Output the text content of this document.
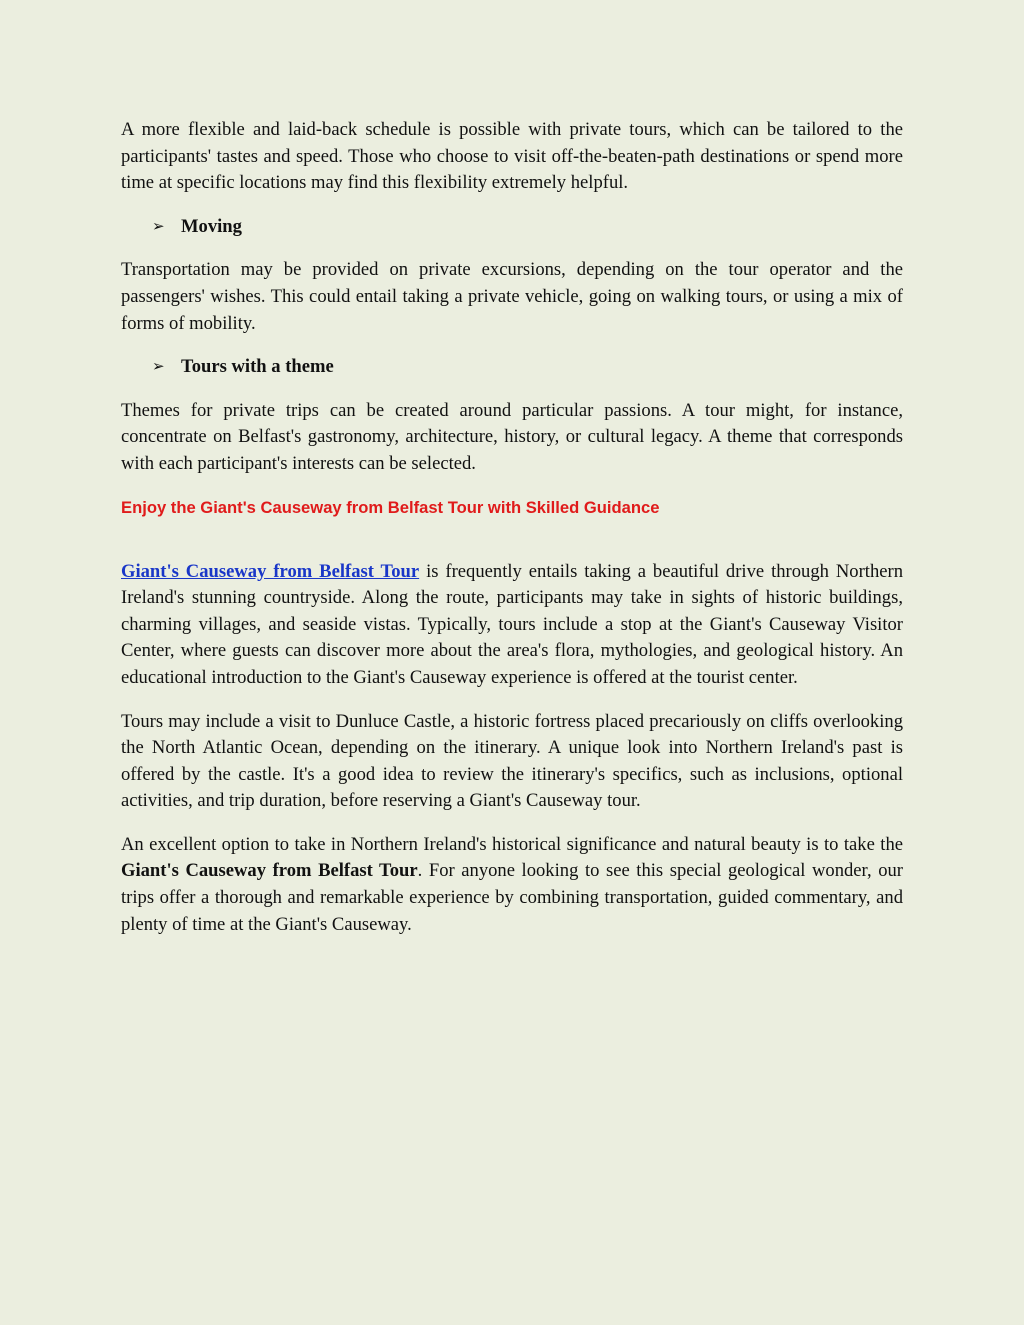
A more flexible and laid-back schedule is possible with private tours, which can be tailored to the participants' tastes and speed. Those who choose to visit off-the-beaten-path destinations or spend more time at specific locations may find this flexibility extremely helpful.

➢ Moving

Transportation may be provided on private excursions, depending on the tour operator and the passengers' wishes. This could entail taking a private vehicle, going on walking tours, or using a mix of forms of mobility.

➢ Tours with a theme

Themes for private trips can be created around particular passions. A tour might, for instance, concentrate on Belfast's gastronomy, architecture, history, or cultural legacy. A theme that corresponds with each participant's interests can be selected.

Enjoy the Giant's Causeway from Belfast Tour with Skilled Guidance

Giant's Causeway from Belfast Tour is frequently entails taking a beautiful drive through Northern Ireland's stunning countryside. Along the route, participants may take in sights of historic buildings, charming villages, and seaside vistas. Typically, tours include a stop at the Giant's Causeway Visitor Center, where guests can discover more about the area's flora, mythologies, and geological history. An educational introduction to the Giant's Causeway experience is offered at the tourist center.

Tours may include a visit to Dunluce Castle, a historic fortress placed precariously on cliffs overlooking the North Atlantic Ocean, depending on the itinerary. A unique look into Northern Ireland's past is offered by the castle. It's a good idea to review the itinerary's specifics, such as inclusions, optional activities, and trip duration, before reserving a Giant's Causeway tour.

An excellent option to take in Northern Ireland's historical significance and natural beauty is to take the Giant's Causeway from Belfast Tour. For anyone looking to see this special geological wonder, our trips offer a thorough and remarkable experience by combining transportation, guided commentary, and plenty of time at the Giant's Causeway.
